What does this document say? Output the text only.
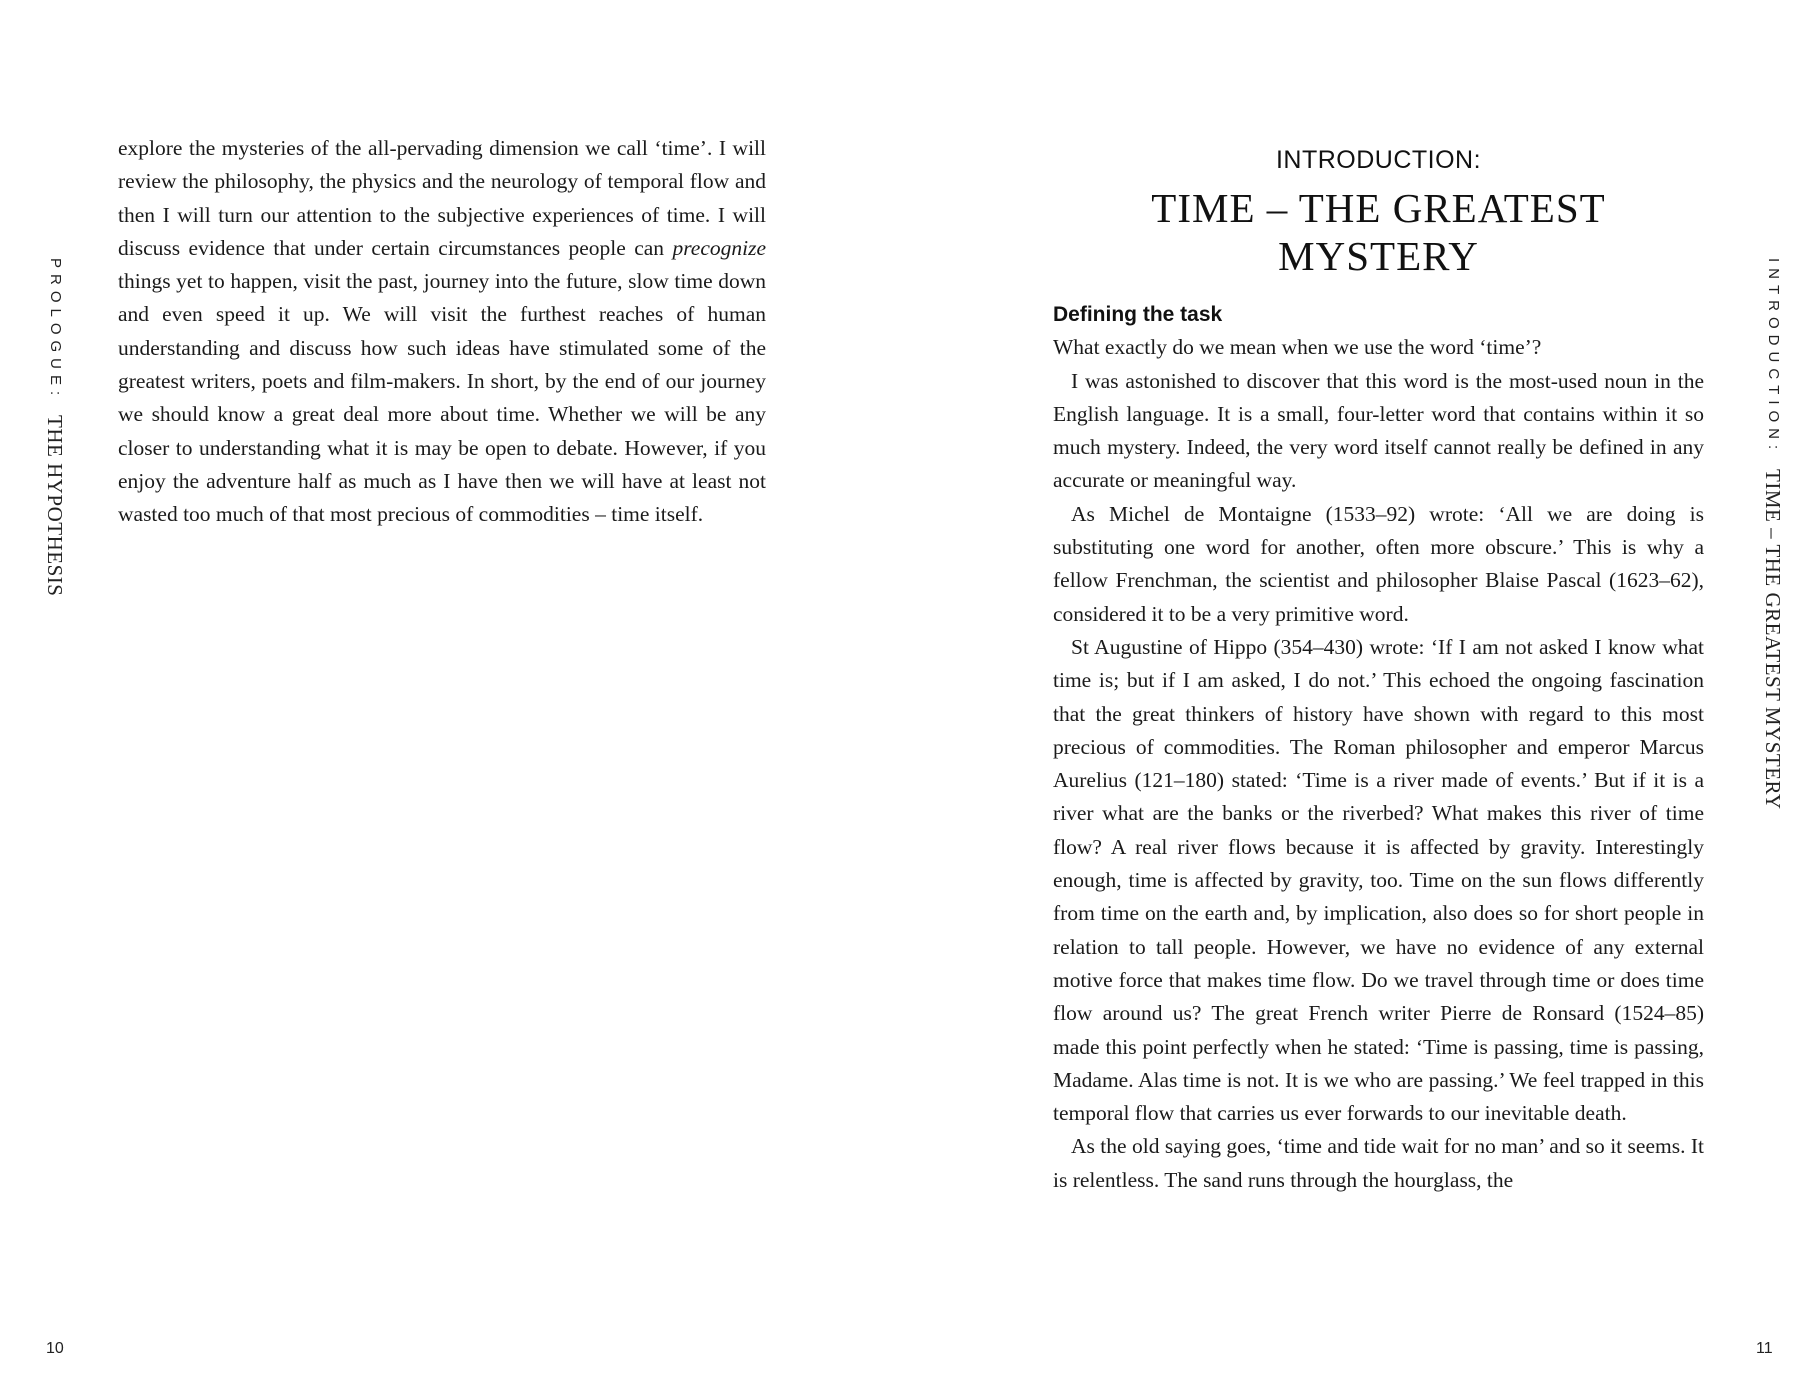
PROLOGUE:THE HYPOTHESIS

explore the mysteries of the all-pervading dimension we call ‘time’. I will review the philosophy, the physics and the neurology of temporal flow and then I will turn our attention to the subjective experiences of time. I will discuss evidence that under certain circumstances people can precognize things yet to happen, visit the past, journey into the future, slow time down and even speed it up. We will visit the furthest reaches of human understanding and discuss how such ideas have stimulated some of the greatest writers, poets and film-makers. In short, by the end of our journey we should know a great deal more about time. Whether we will be any closer to understanding what it is may be open to debate. However, if you enjoy the adventure half as much as I have then we will have at least not wasted too much of that most precious of commodities – time itself.

10
INTRODUCTION:
TIME – THE GREATEST MYSTERY
Defining the task

What exactly do we mean when we use the word ‘time’?

I was astonished to discover that this word is the most-used noun in the English language. It is a small, four-letter word that contains within it so much mystery. Indeed, the very word itself cannot really be defined in any accurate or meaningful way.

As Michel de Montaigne (1533–92) wrote: ‘All we are doing is substituting one word for another, often more obscure.’ This is why a fellow Frenchman, the scientist and philosopher Blaise Pascal (1623–62), considered it to be a very primitive word.

St Augustine of Hippo (354–430) wrote: ‘If I am not asked I know what time is; but if I am asked, I do not.’ This echoed the ongoing fascination that the great thinkers of history have shown with regard to this most precious of commodities. The Roman philosopher and emperor Marcus Aurelius (121–180) stated: ‘Time is a river made of events.’ But if it is a river what are the banks or the riverbed? What makes this river of time flow? A real river flows because it is affected by gravity. Interestingly enough, time is affected by gravity, too. Time on the sun flows differently from time on the earth and, by implication, also does so for short people in relation to tall people. However, we have no evidence of any external motive force that makes time flow. Do we travel through time or does time flow around us? The great French writer Pierre de Ronsard (1524–85) made this point perfectly when he stated: ‘Time is passing, time is passing, Madame. Alas time is not. It is we who are passing.’ We feel trapped in this temporal flow that carries us ever forwards to our inevitable death.

As the old saying goes, ‘time and tide wait for no man’ and so it seems. It is relentless. The sand runs through the hourglass, the

INTRODUCTION:TIME – THE GREATEST MYSTERY
11
